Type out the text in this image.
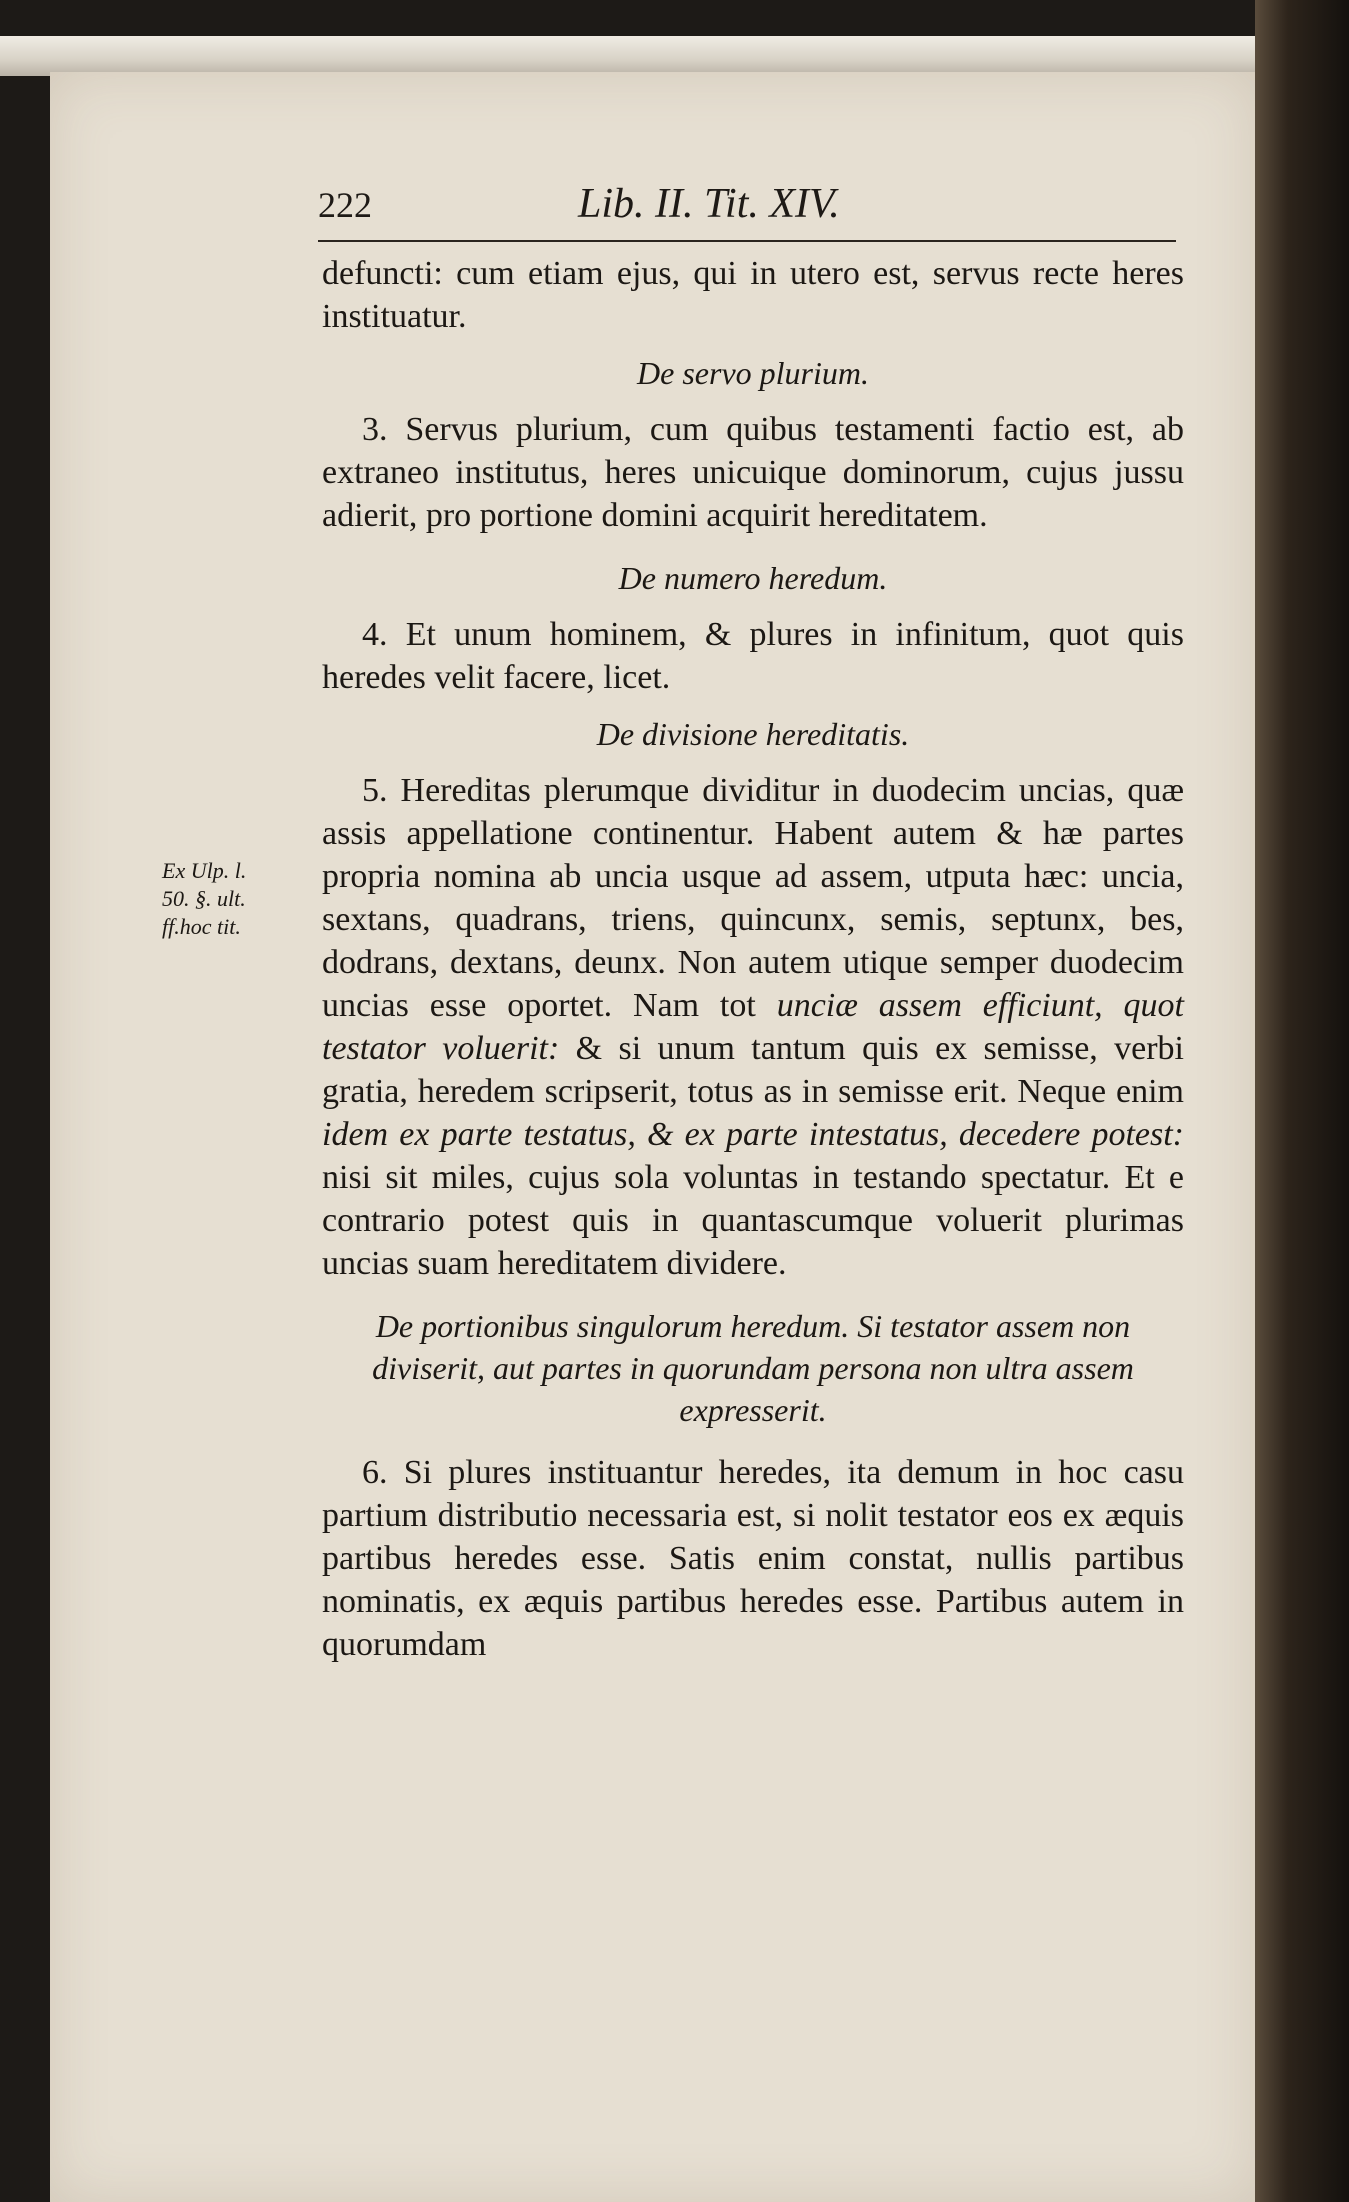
222	Lib. II. Tit. XIV.
Ex Ulp. l.
50. §. ult.
ff.hoc tit.

defuncti: cum etiam ejus, qui in utero est, servus recte heres instituatur.

De servo plurium.

3. Servus plurium, cum quibus testamenti factio est, ab extraneo institutus, heres unicuique dominorum, cujus jussu adierit, pro portione domini acquirit hereditatem.

De numero heredum.

4. Et unum hominem, & plures in infinitum, quot quis heredes velit facere, licet.

De divisione hereditatis.

5. Hereditas plerumque dividitur in duodecim uncias, quæ assis appellatione continentur. Habent autem & hæ partes propria nomina ab uncia usque ad assem, utputa hæc: uncia, sextans, quadrans, triens, quincunx, semis, septunx, bes, dodrans, dextans, deunx. Non autem utique semper duodecim uncias esse oportet. Nam tot unciæ assem efficiunt, quot testator voluerit: & si unum tantum quis ex semisse, verbi gratia, heredem scripserit, totus as in semisse erit. Neque enim idem ex parte testatus, & ex parte intestatus, decedere potest: nisi sit miles, cujus sola voluntas in testando spectatur. Et e contrario potest quis in quantascumque voluerit plurimas uncias suam hereditatem dividere.

De portionibus singulorum heredum. Si testator assem non diviserit, aut partes in quorundam persona non ultra assem expresserit.

6. Si plures instituantur heredes, ita demum in hoc casu partium distributio necessaria est, si nolit testator eos ex æquis partibus heredes esse. Satis enim constat, nullis partibus nominatis, ex æquis partibus heredes esse. Partibus autem in quorumdam
